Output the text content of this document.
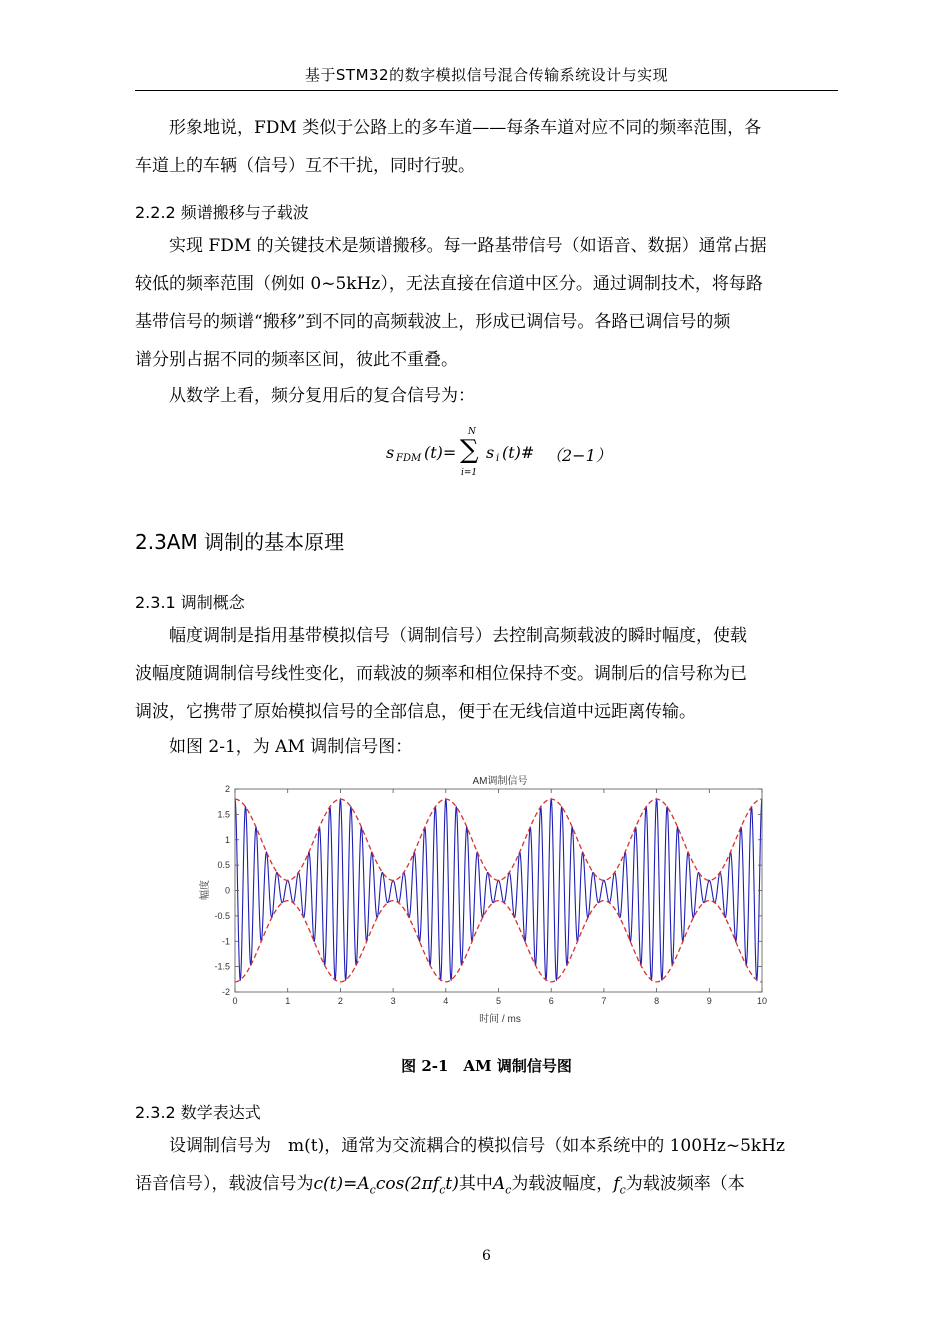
基于STM32的数字模拟信号混合传输系统设计与实现
形象地说，FDM 类似于公路上的多车道——每条车道对应不同的频率范围，各
车道上的车辆（信号）互不干扰，同时行驶。
2.2.2 频谱搬移与子载波
实现 FDM 的关键技术是频谱搬移。每一路基带信号（如语音、数据）通常占据
较低的频率范围（例如 0~5kHz），无法直接在信道中区分。通过调制技术，将每路
基带信号的频谱“搬移”到不同的高频载波上，形成已调信号。各路已调信号的频
谱分别占据不同的频率区间，彼此不重叠。
从数学上看，频分复用后的复合信号为：
s FDM (t)=
N
∑
i=1
s i (t)# （2−1）
2.3AM 调制的基本原理
2.3.1 调制概念
幅度调制是指用基带模拟信号（调制信号）去控制高频载波的瞬时幅度，使载
波幅度随调制信号线性变化，而载波的频率和相位保持不变。调制后的信号称为已
调波，它携带了原始模拟信号的全部信息，便于在无线信道中远距离传输。
如图 2-1，为 AM 调制信号图：
AM调制信号
0	1	2	3	4	5	6	7	8	9	10
2
1.5
1
0.5
0
-0.5
-1
-1.5
-2
时间 / ms
幅度
图 2-1　AM 调制信号图
2.3.2 数学表达式
设调制信号为　m(t)，通常为交流耦合的模拟信号（如本系统中的 100Hz~5kHz
语音信号），载波信号为$c(t)=A_c\cos(2\pi f_ct)$其中$A_c$为载波幅度，$f_c$为载波频率（本
6
